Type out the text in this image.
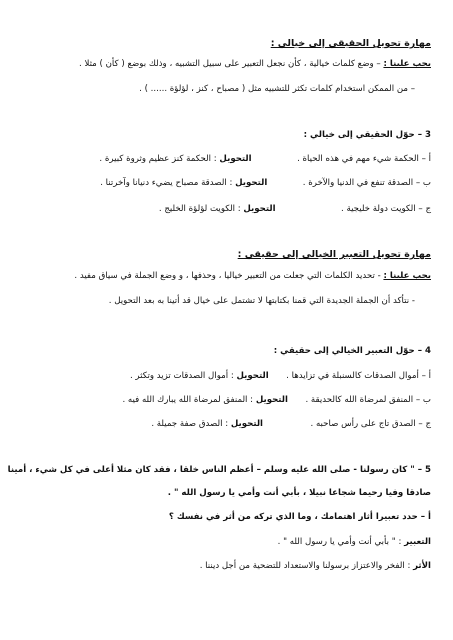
مهارة تحويل الحقيقي إلى خيالي :
يجب علينا : – وضع كلمات خيالية ، كأن نجعل التعبير على سبيل التشبيه ، وذلك بوضع ( كأن ) مثلا .
– من الممكن استخدام كلمات تكثر للتشبيه مثل ( مصباح ، كنز ، لؤلؤة ...... ) .
3 – حوّل الحقيقي إلى خيالي :
أ – الحكمة شيء مهم في هذه الحياة .  التحويل : الحكمة كنز عظيم وثروة كبيرة .
ب – الصدقة تنفع في الدنيا والآخرة .  التحويل : الصدقة مصباح يضيء دنيانا وآخرتنا .
ج – الكويت دولة خليجية .  التحويل : الكويت لؤلؤة الخليج .
مهارة تحويل التعبير الخيالي إلى حقيقي :
يجب علينا : - تحديد الكلمات التي جعلت من التعبير خياليا ، وحذفها ، و وضع الجملة في سياق مفيد .
- نتأكد أن الجملة الجديدة التي قمنا بكتابتها لا تشتمل على خيال قد أتينا به بعد التحويل .
4 – حوّل التعبير الخيالي إلى حقيقي :
أ – أموال الصدقات كالسنبلة في تزايدها .  التحويل : أموال الصدقات تزيد وتكثر .
ب – المنفق لمرضاة الله كالحديقة .  التحويل : المنفق لمرضاة الله يبارك الله فيه .
ج – الصدق تاج على رأس صاحبه .  التحويل : الصدق صفة جميلة .
5 – " كان رسولنا - صلى الله عليه وسلم – أعظم الناس خلقا ، فقد كان مثلا أعلى في كل شيء ، أمينا
صادقا وفيا رحيما شجاعا نبيلا ، بأبي أنت وأمي يا رسول الله " .
أ – حدد تعبيرا أثار اهتمامك ، وما الذي تركه من أثر في نفسك ؟
التعبير : " بأبي أنت وأمي يا رسول الله " .
الأثر : الفخر والاعتزاز برسولنا والاستعداد للتضحية من أجل ديننا .
